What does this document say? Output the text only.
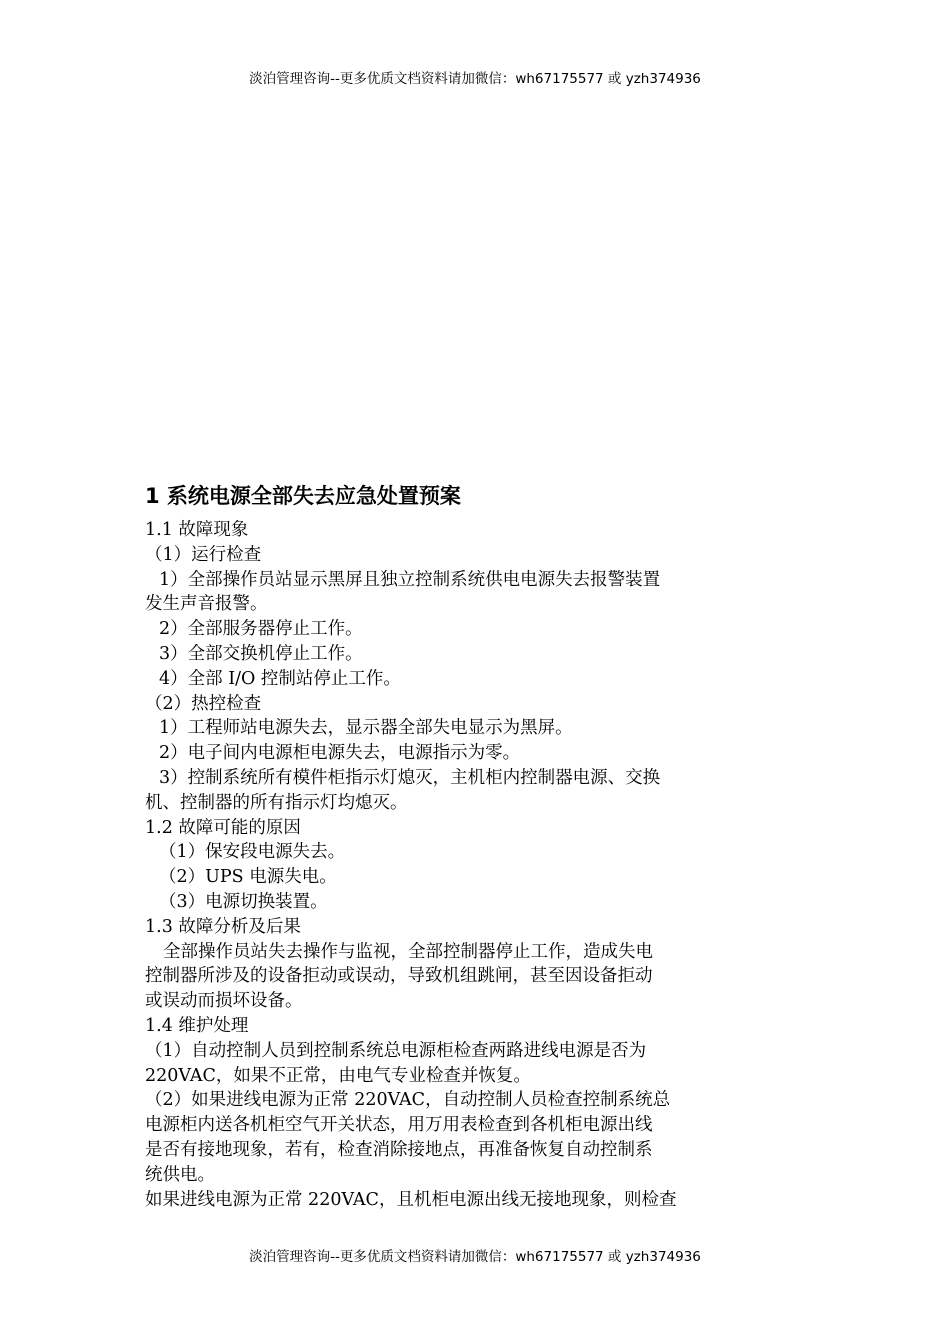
淡泊管理咨询--更多优质文档资料请加微信：wh67175577 或 yzh374936
1 系统电源全部失去应急处置预案

1.1 故障现象

（1）运行检查

1）全部操作员站显示黑屏且独立控制系统供电电源失去报警装置

发生声音报警。

2）全部服务器停止工作。

3）全部交换机停止工作。

4）全部 I/O 控制站停止工作。

（2）热控检查

1）工程师站电源失去，显示器全部失电显示为黑屏。

2）电子间内电源柜电源失去，电源指示为零。

3）控制系统所有模件柜指示灯熄灭，主机柜内控制器电源、交换

机、控制器的所有指示灯均熄灭。

1.2 故障可能的原因

（1）保安段电源失去。

（2）UPS 电源失电。

（3）电源切换装置。

1.3 故障分析及后果

全部操作员站失去操作与监视，全部控制器停止工作，造成失电

控制器所涉及的设备拒动或误动，导致机组跳闸，甚至因设备拒动

或误动而损坏设备。

1.4 维护处理

（1）自动控制人员到控制系统总电源柜检查两路进线电源是否为

220VAC，如果不正常，由电气专业检查并恢复。

（2）如果进线电源为正常 220VAC，自动控制人员检查控制系统总

电源柜内送各机柜空气开关状态，用万用表检查到各机柜电源出线

是否有接地现象，若有，检查消除接地点，再准备恢复自动控制系

统供电。

如果进线电源为正常 220VAC，且机柜电源出线无接地现象，则检查

淡泊管理咨询--更多优质文档资料请加微信：wh67175577 或 yzh374936
